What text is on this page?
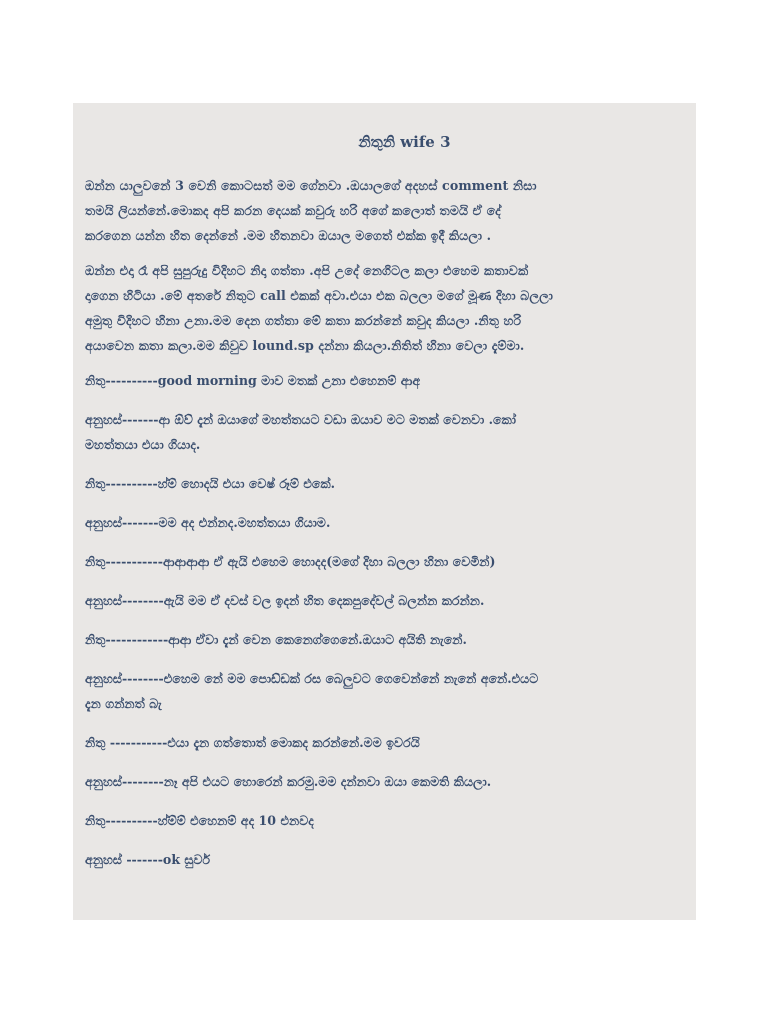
නිතුනි wife 3
ඔන්න යාලුවනේ 3 වෙනි කොටසත් මම ගේනවා .ඔයාලගේ අදහස් comment නිසා
තමයි ලියන්නේ.මොකද අපි කරන දෙයක් කවුරු හරි අගේ කලොත් තමයි ඒ දේ
කරගෙන යන්න හිත දෙන්නේ .මම හිතනවා ඔයාල මගෙත් එක්ක ඉදී කියලා .
ඔන්න එදා රෑ අපි සුපුරුදු විදිහට නිදා ගත්තා .අපි උදේ නෙගිටල කලා එහෙම කතාවක්
දාගෙන හිටියා .මේ අතරේ නිතුට call එකක් අවා.එයා එක බලලා මගේ මූණ දිහා බලලා
අමුතු විදිහට හිනා උනා.මම දෙන ගත්තා මේ කතා කරන්නේ කවුද කියලා .නිතු හරි
අයාවෙන කතා කලා.මම කිවුව lound.sp දන්නා කියලා.නිතිත් හිනා වෙලා දැම්මා.
නිතු----------good morning මාව මතක් උනා එහෙනම් ආඅ
අනුහස්-------ආ ඕව් දැන් ඔයාගේ මහත්තයට වඩා ඔයාව මට මතක් වෙනවා .කෝ
මහත්තයා එයා ගියාද.
නිතු----------හ්ම් හොදයි එයා වෙෂ් රූම් එකේ.
අනුහස්-------මම අද එන්නද.මහත්තයා ගියාම.
නිතු-----------ආආආආ ඒ ඇයි එහෙම හොදද(මගේ දිහා බලලා හිනා වෙමින්)
අනුහස්--------ඇයි මම ඒ දවස් වල ඉදන් හිත දෙකපුදේවල් බලන්න කරන්න.
නිතු------------ආආ ඒවා දැන් වෙන කෙනෙග්ගෙනේ.ඔයාට අයිති නැනේ.
අනුහස්--------එහෙම නේ මම පොඩ්ඩක් රස බෙලුවට ගෙවෙන්නේ නැනේ අනේ.එයට
දැන ගන්නත් බැ
නිතු -----------එයා දැන ගත්තොත් මොකද කරන්නේ.මම ඉවරයි
අනුහස්--------නෑ අපි එයට හොරෙන් කරමු.මම දන්නවා ඔයා කෙමති කියලා.
නිතු----------හ්ම්ම් එහෙනම් අද 10 එනවද
අනුහස් -------ok සුවර්
